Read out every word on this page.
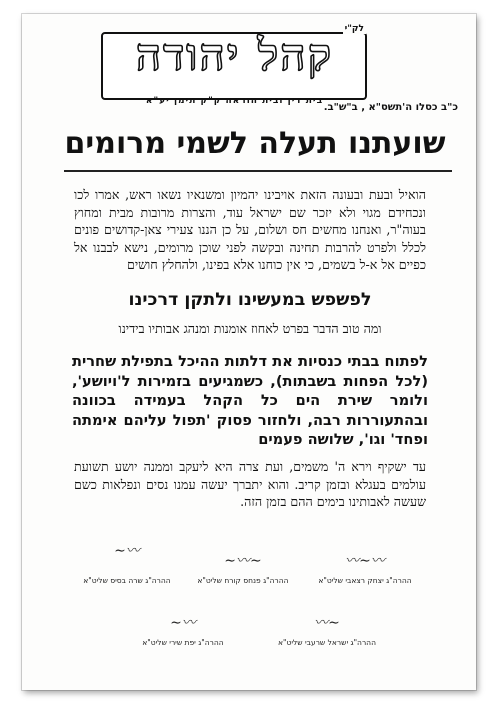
לק"י
קהל יהודה
בית דין ובית הוראה ק"ק תימן יע"א
כ"ב כסלו ה'תשס"א , ב"ש"ב.
שועתנו תעלה לשמי מרומים
הואיל ובעת ובעונה הזאת אויבינו יהמיון ומשנאיו נשאו ראש, אמרו לכו ונכחידם מגוי ולא יזכר שם ישראל עוד, והצרות מרובות מבית ומחוץ בעוה"ר, ואנחנו מחשים חס ושלום, על כן הננו צעירי צאן-קדושים פונים לכלל ולפרט להרבות תחינה ובקשה לפני שוכן מרומים, נישא לבבנו אל כפיים אל א-ל בשמים, כי אין כוחנו אלא בפינו, ולהחלץ חושים
לפשפש במעשינו ולתקן דרכינו
ומה טוב הדבר בפרט לאחוז אומנות ומנהג אבותיו בידינו
לפתוח בבתי כנסיות את דלתות ההיכל בתפילת שחרית (לכל הפחות בשבתות), כשמגיעים בזמירות ל'ויושע', ולומר שירת הים כל הקהל בעמידה בכוונה ובהתעוררות רבה, ולחזור פסוק 'תפול עליהם אימתה ופחד' וגו', שלושה פעמים
עד ישקיף וירא ה' משמים, ועת צרה היא ליעקב וממנה יושע תשועת עולמים בעגלא ובזמן קריב. והוא יתברך יעשה עמנו נסים ונפלאות כשם שעשה לאבותינו בימים ההם בזמן הזה.
〰∽〰
ההרה"ג יצחק רצאבי שליט"א
∽〰∽
ההרה"ג פנחס קורח שליט"א
〰∽
ההרה"ג שרה בסיס שליט"א
∽〰
ההרה"ג ישראל שרעבי שליט"א
〰∽
ההרה"ג יפת שירי שליט"א
